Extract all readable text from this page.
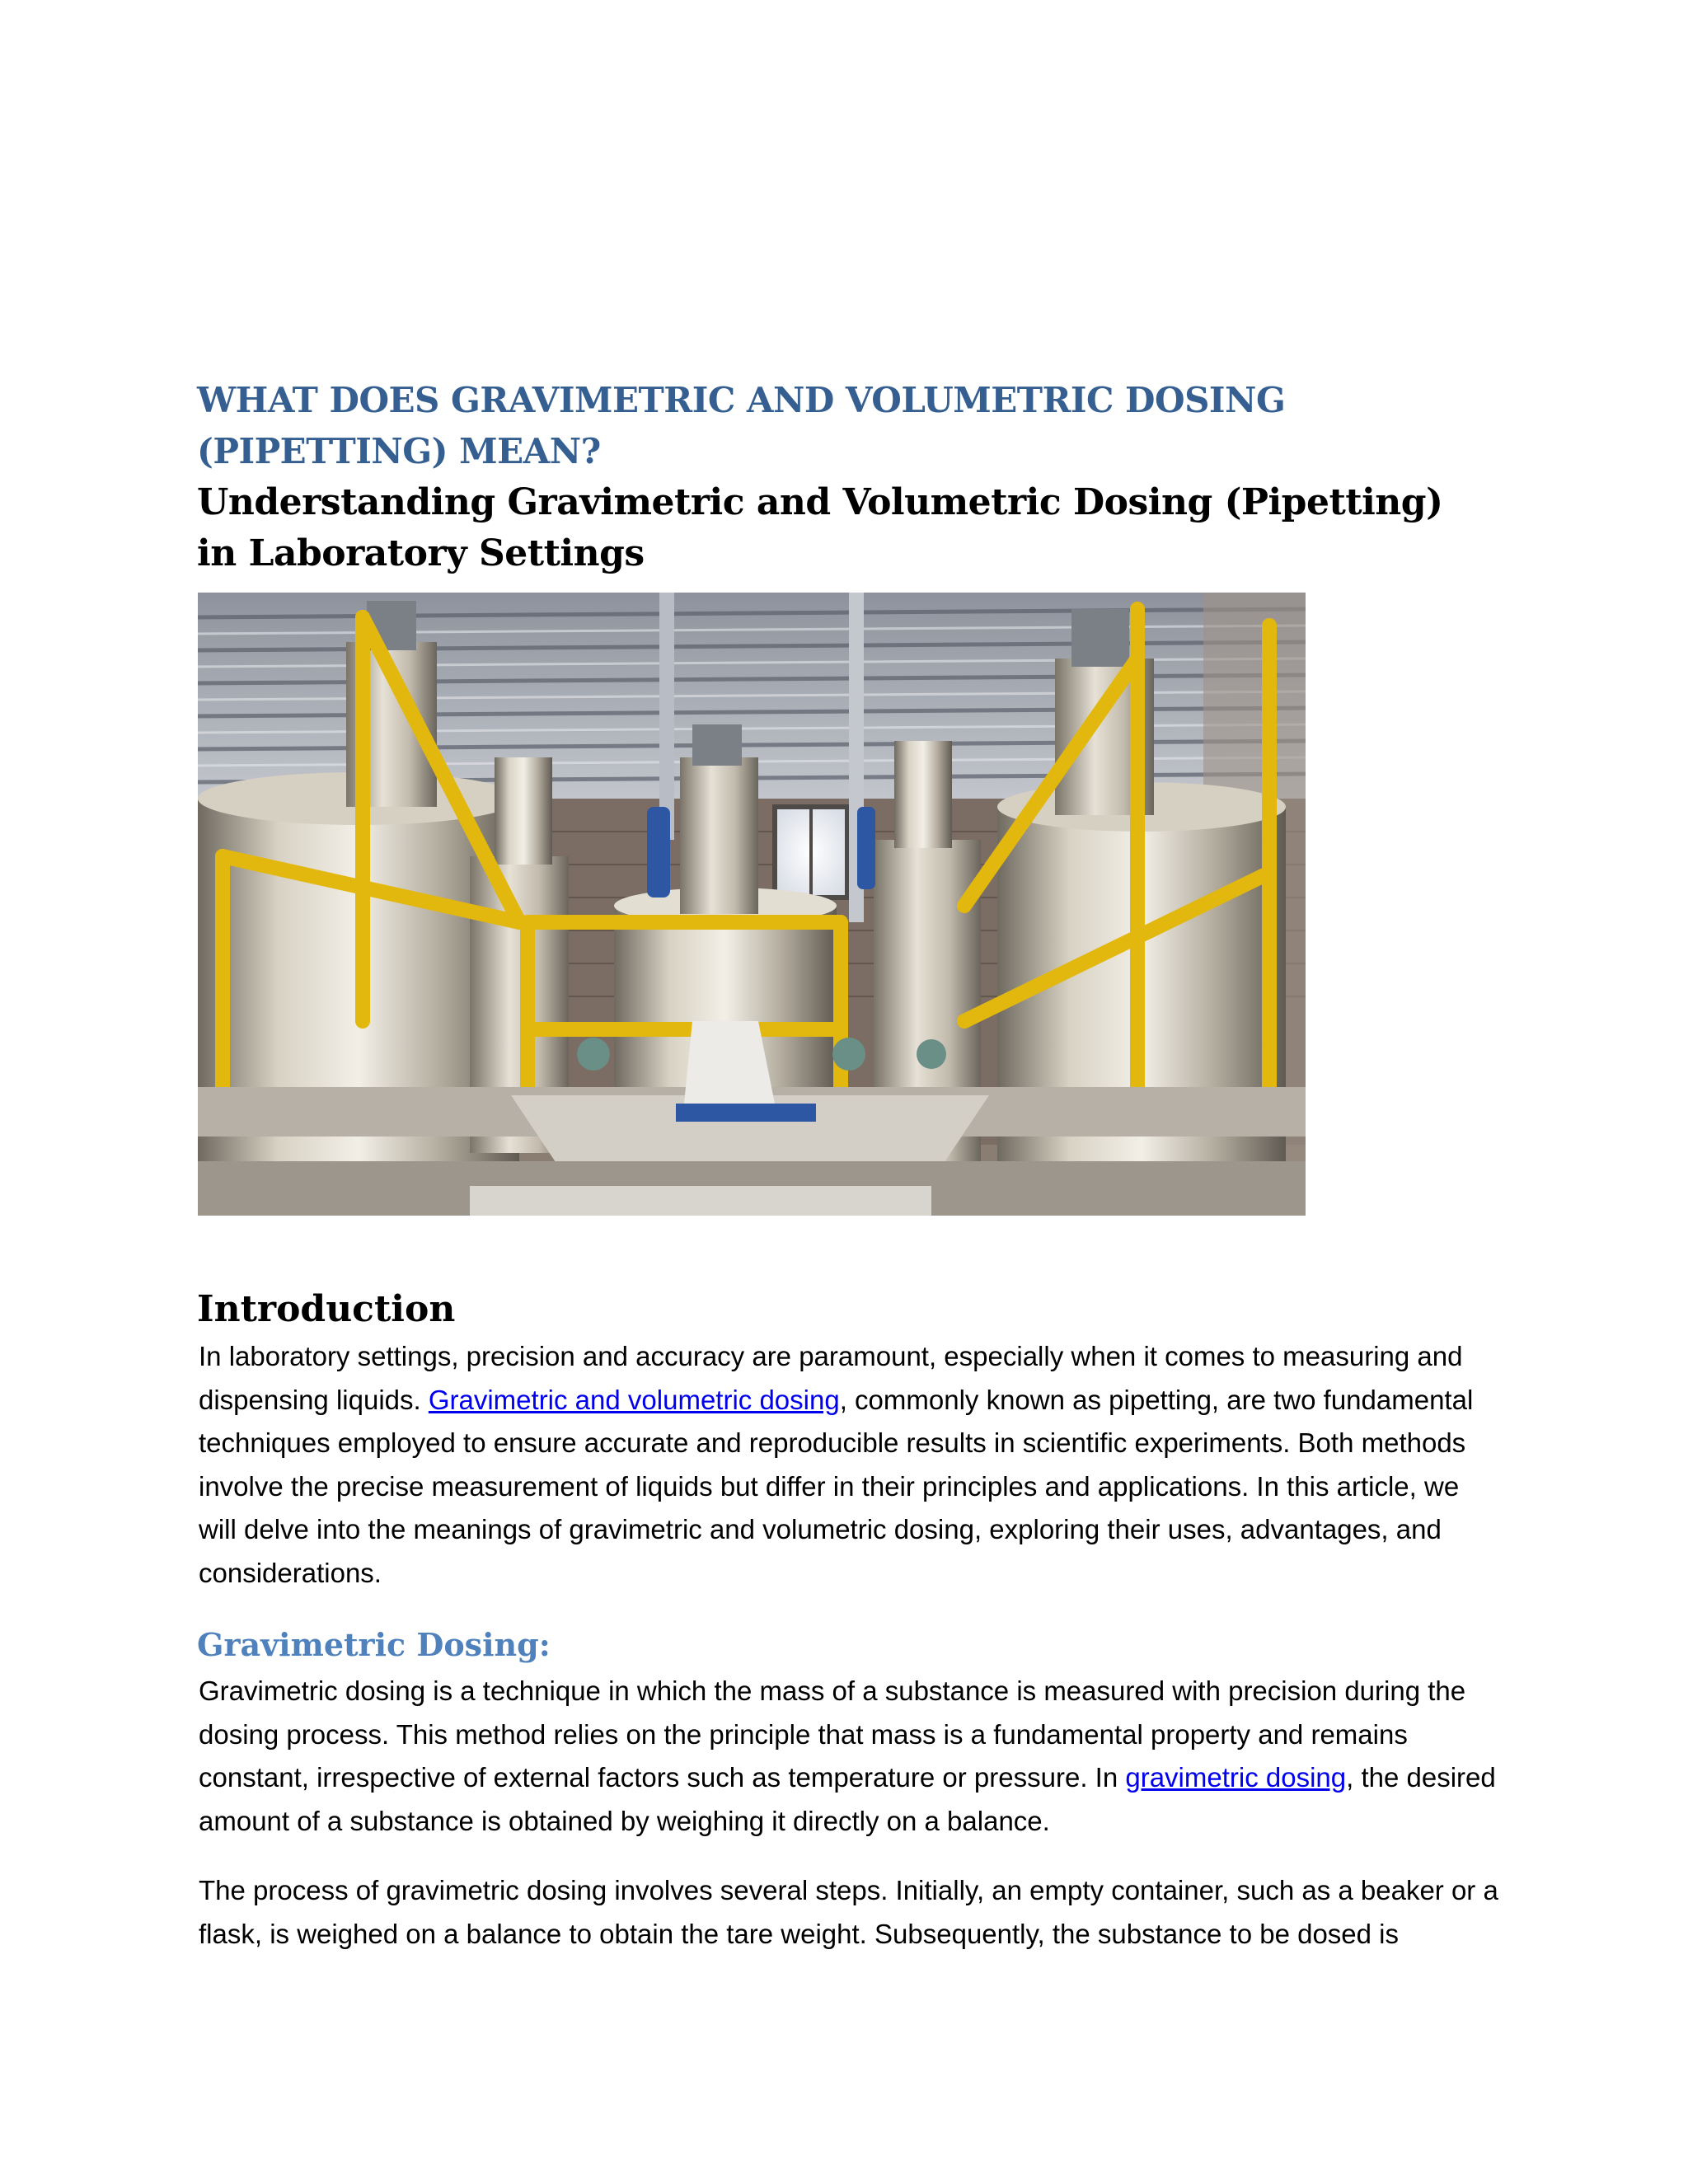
WHAT DOES GRAVIMETRIC AND VOLUMETRIC DOSING (PIPETTING) MEAN?
Understanding Gravimetric and Volumetric Dosing (Pipetting) in Laboratory Settings
Introduction

In laboratory settings, precision and accuracy are paramount, especially when it comes to measuring and dispensing liquids. Gravimetric and volumetric dosing, commonly known as pipetting, are two fundamental techniques employed to ensure accurate and reproducible results in scientific experiments. Both methods involve the precise measurement of liquids but differ in their principles and applications. In this article, we will delve into the meanings of gravimetric and volumetric dosing, exploring their uses, advantages, and considerations.

Gravimetric Dosing:

Gravimetric dosing is a technique in which the mass of a substance is measured with precision during the dosing process. This method relies on the principle that mass is a fundamental property and remains constant, irrespective of external factors such as temperature or pressure. In gravimetric dosing, the desired amount of a substance is obtained by weighing it directly on a balance.

The process of gravimetric dosing involves several steps. Initially, an empty container, such as a beaker or a flask, is weighed on a balance to obtain the tare weight. Subsequently, the substance to be dosed is
